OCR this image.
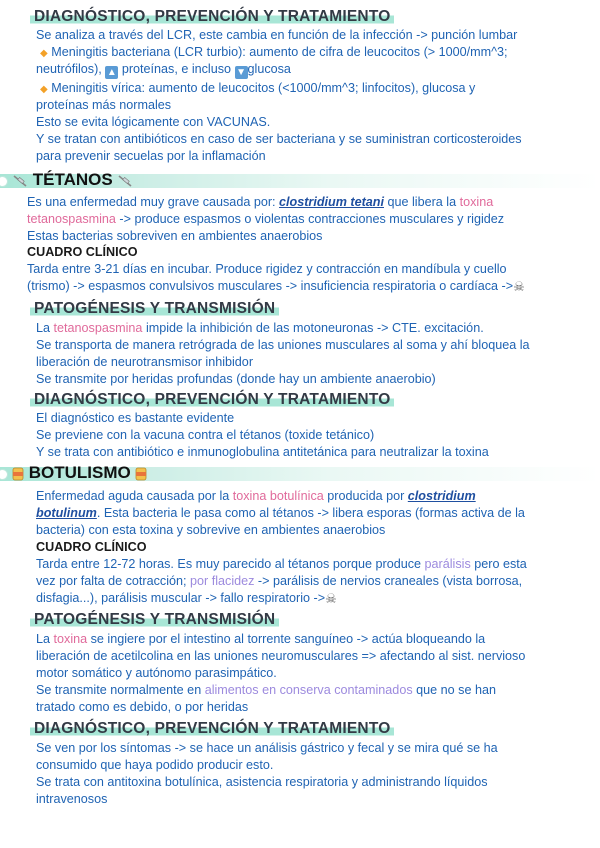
DIAGNÓSTICO, PREVENCIÓN Y TRATAMIENTO
Se analiza a través del LCR, este cambia en función de la infección -> punción lumbar
◆ Meningitis bacteriana (LCR turbio): aumento de cifra de leucocitos (> 1000/mm^3;
neutrófilos), ▲ proteínas, e incluso ▼ glucosa
◆ Meningitis vírica: aumento de leucocitos (<1000/mm^3; linfocitos), glucosa y
proteínas más normales
Esto se evita lógicamente con VACUNAS.
Y se tratan con antibióticos en caso de ser bacteriana y se suministran corticosteroides
para prevenir secuelas por la inflamación
TÉTANOS
Es una enfermedad muy grave causada por: clostridium tetani que libera la toxina
tetanospasmina -> produce espasmos o violentas contracciones musculares y rigidez
Estas bacterias sobreviven en ambientes anaerobios
CUADRO CLÍNICO
Tarda entre 3-21 días en incubar. Produce rigidez y contracción en mandíbula y cuello
(trismo) -> espasmos convulsivos musculares -> insuficiencia respiratoria o cardíaca ->☠
PATOGÉNESIS Y TRANSMISIÓN
La tetanospasmina impide la inhibición de las motoneuronas -> CTE. excitación.
Se transporta de manera retrógrada de las uniones musculares al soma y ahí bloquea la
liberación de neurotransmisor inhibidor
Se transmite por heridas profundas (donde hay un ambiente anaerobio)
DIAGNÓSTICO, PREVENCIÓN Y TRATAMIENTO
El diagnóstico es bastante evidente
Se previene con la vacuna contra el tétanos (toxide tetánico)
Y se trata con antibiótico e inmunoglobulina antitetánica para neutralizar la toxina
BOTULISMO
Enfermedad aguda causada por la toxina botulínica producida por clostridium
botulinum. Esta bacteria le pasa como al tétanos -> libera esporas (formas activa de la
bacteria) con esta toxina y sobrevive en ambientes anaerobios
CUADRO CLÍNICO
Tarda entre 12-72 horas. Es muy parecido al tétanos porque produce parálisis pero esta
vez por falta de cotracción; por flacidez -> parálisis de nervios craneales (vista borrosa,
disfagia...), parálisis muscular -> fallo respiratorio ->☠
PATOGÉNESIS Y TRANSMISIÓN
La toxina se ingiere por el intestino al torrente sanguíneo -> actúa bloqueando la
liberación de acetilcolina en las uniones neuromusculares => afectando al sist. nervioso
motor somático y autónomo parasimpático.
Se transmite normalmente en alimentos en conserva contaminados que no se han
tratado como es debido, o por heridas
DIAGNÓSTICO, PREVENCIÓN Y TRATAMIENTO
Se ven por los síntomas -> se hace un análisis gástrico y fecal y se mira qué se ha
consumido que haya podido producir esto.
Se trata con antitoxina botulínica, asistencia respiratoria y administrando líquidos
intravenosos
